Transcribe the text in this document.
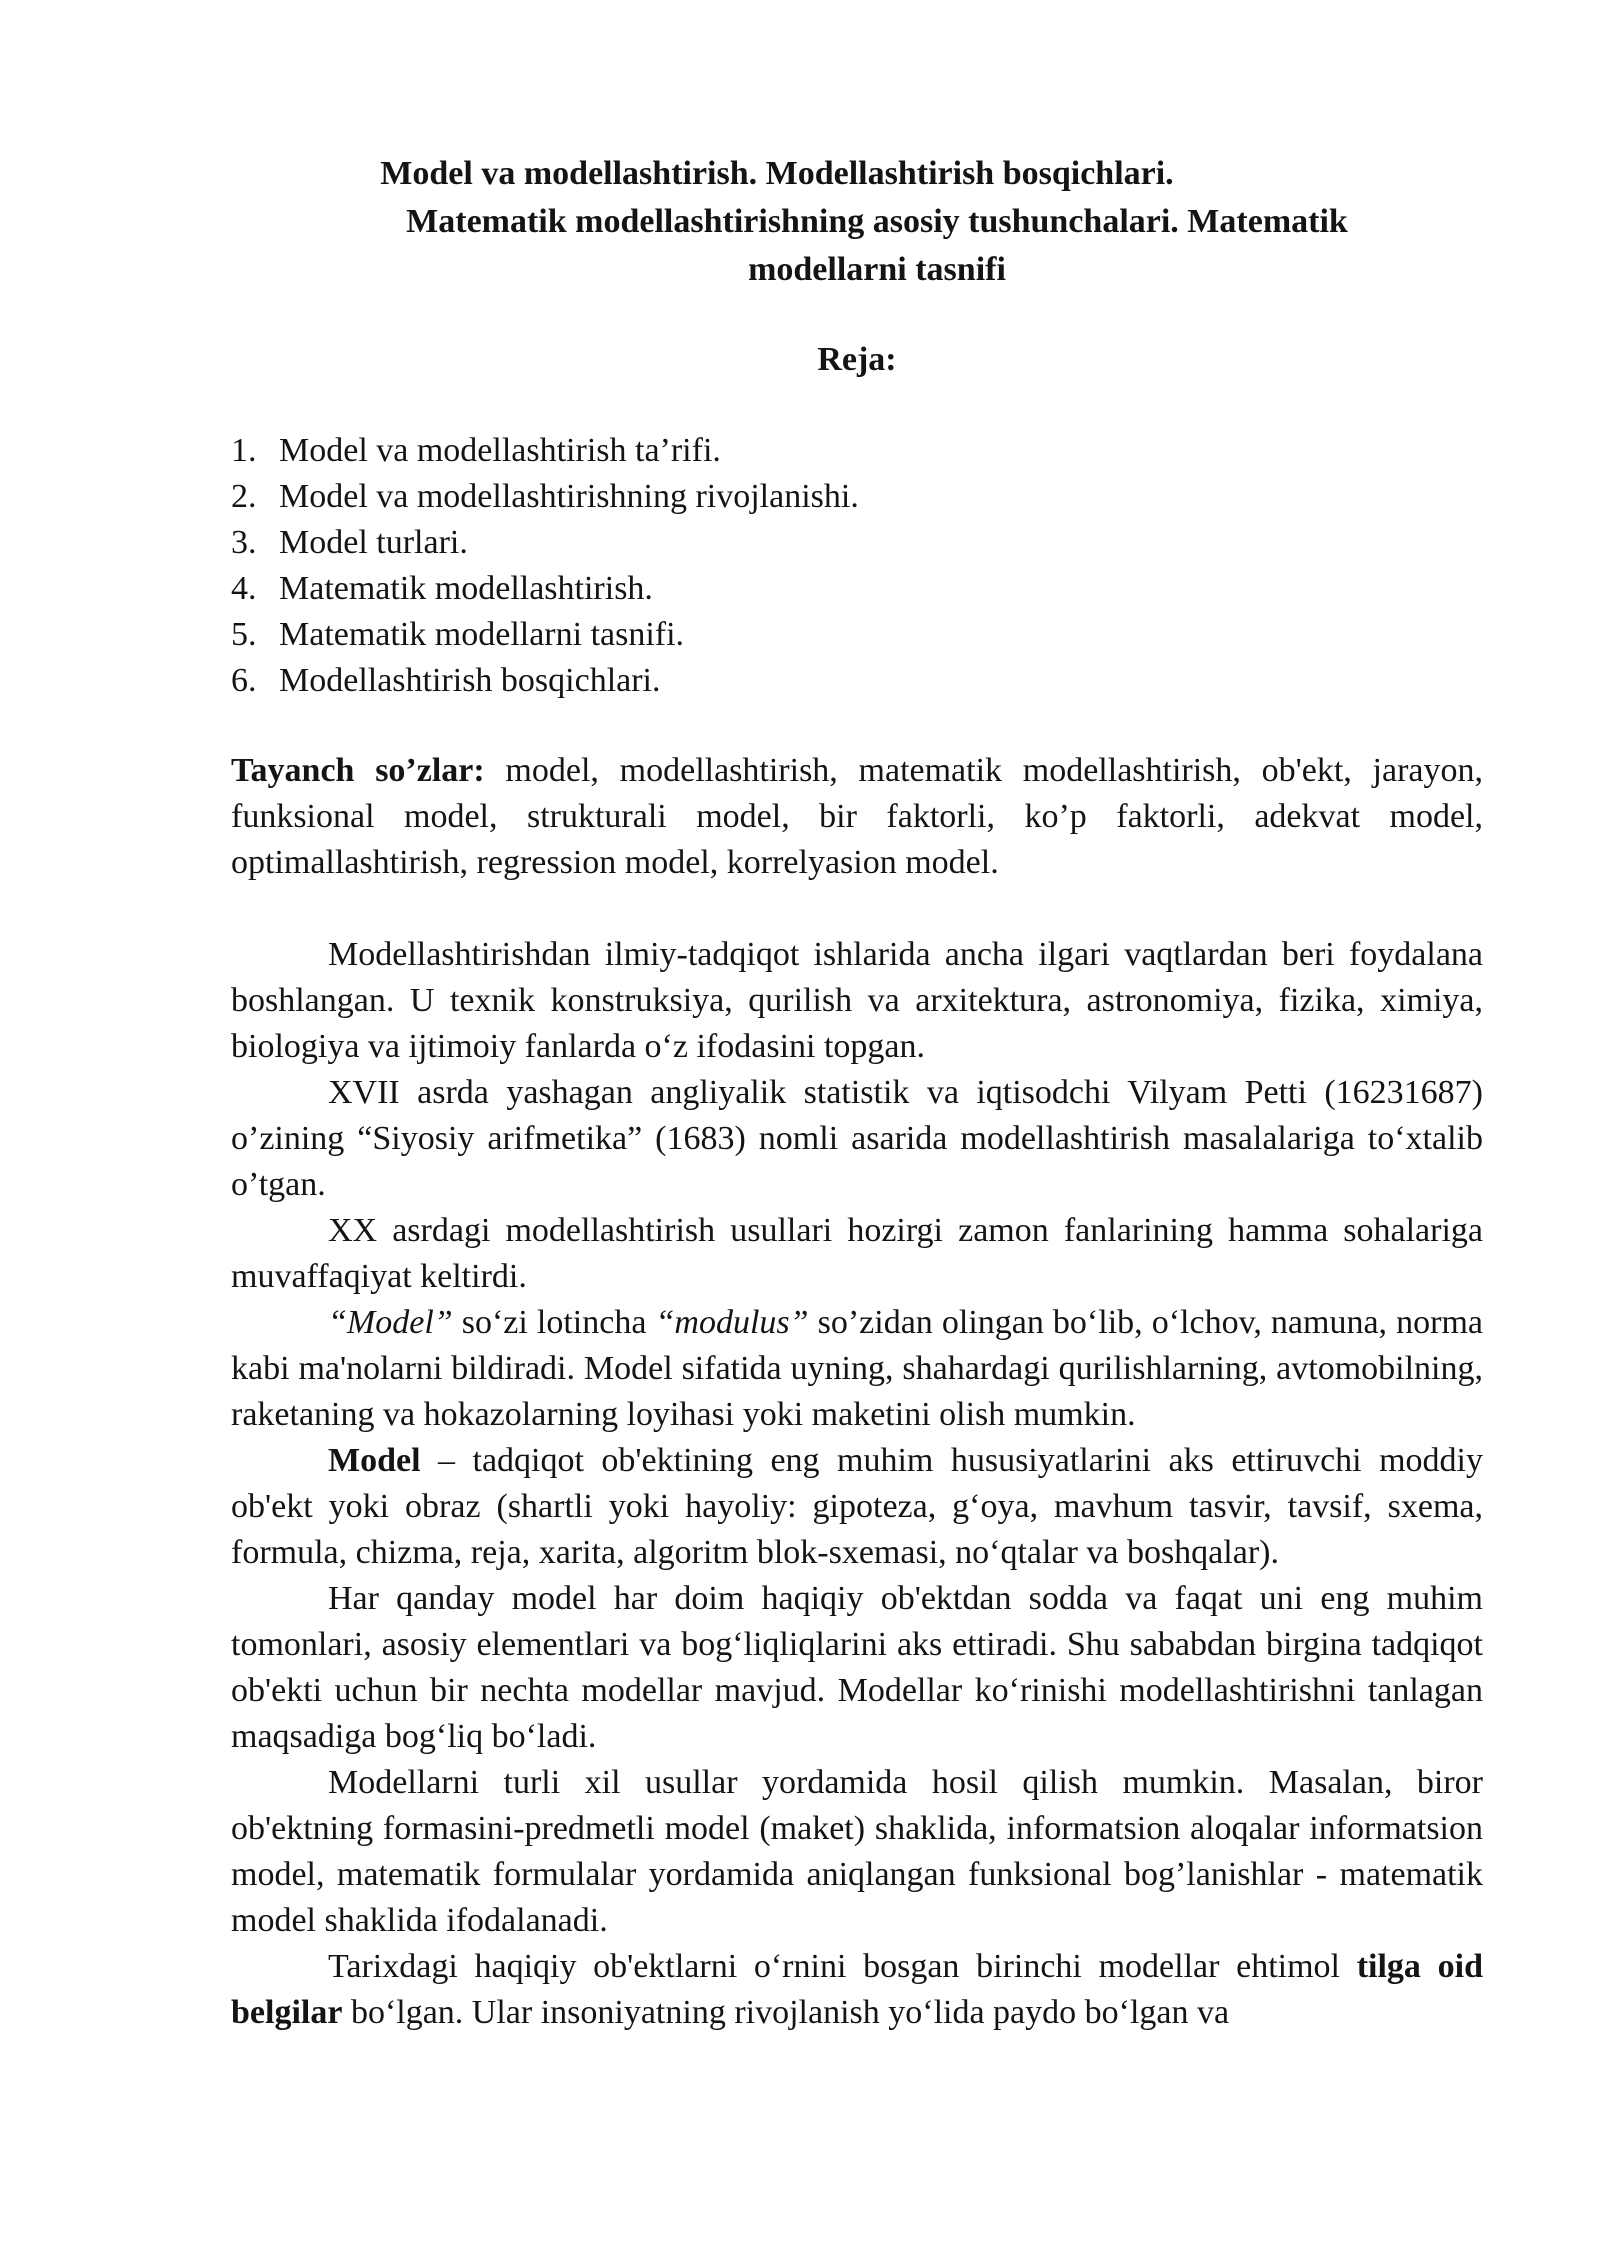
Model va modellashtirish. Modellashtirish bosqichlari.
Matematik modellashtirishning asosiy tushunchalari. Matematik
modellarni tasnifi
Reja:
1. Model va modellashtirish ta’rifi.
2. Model va modellashtirishning rivojlanishi.
3. Model turlari.
4. Matematik modellashtirish.
5. Matematik modellarni tasnifi.
6. Modellashtirish bosqichlari.

Tayanch so’zlar: model, modellashtirish, matematik modellashtirish, ob'ekt, jarayon, funksional model, strukturali model, bir faktorli, ko’p faktorli, adekvat model, optimallashtirish, regression model, korrelyasion model.

Modellashtirishdan ilmiy-tadqiqot ishlarida ancha ilgari vaqtlardan beri foydalana boshlangan. U texnik konstruksiya, qurilish va arxitektura, astronomiya, fizika, ximiya, biologiya va ijtimoiy fanlarda o‘z ifodasini topgan.

XVII asrda yashagan angliyalik statistik va iqtisodchi Vilyam Petti (16231687) o’zining “Siyosiy arifmetika” (1683) nomli asarida modellashtirish masalalariga to‘xtalib o’tgan.

XX asrdagi modellashtirish usullari hozirgi zamon fanlarining hamma sohalariga muvaffaqiyat keltirdi.

“Model” so‘zi lotincha “modulus” so’zidan olingan bo‘lib, o‘lchov, namuna, norma kabi ma'nolarni bildiradi. Model sifatida uyning, shahardagi qurilishlarning, avtomobilning, raketaning va hokazolarning loyihasi yoki maketini olish mumkin.

Model – tadqiqot ob'ektining eng muhim hususiyatlarini aks ettiruvchi moddiy ob'ekt yoki obraz (shartli yoki hayoliy: gipoteza, g‘oya, mavhum tasvir, tavsif, sxema, formula, chizma, reja, xarita, algoritm blok-sxemasi, no‘qtalar va boshqalar).

Har qanday model har doim haqiqiy ob'ektdan sodda va faqat uni eng muhim tomonlari, asosiy elementlari va bog‘liqliqlarini aks ettiradi. Shu sababdan birgina tadqiqot ob'ekti uchun bir nechta modellar mavjud. Modellar ko‘rinishi modellashtirishni tanlagan maqsadiga bog‘liq bo‘ladi.

Modellarni turli xil usullar yordamida hosil qilish mumkin. Masalan, biror ob'ektning formasini-predmetli model (maket) shaklida, informatsion aloqalar informatsion model, matematik formulalar yordamida aniqlangan funksional bog’lanishlar - matematik model shaklida ifodalanadi.

Tarixdagi haqiqiy ob'ektlarni o‘rnini bosgan birinchi modellar ehtimol tilga oid belgilar bo‘lgan. Ular insoniyatning rivojlanish yo‘lida paydo bo‘lgan va
